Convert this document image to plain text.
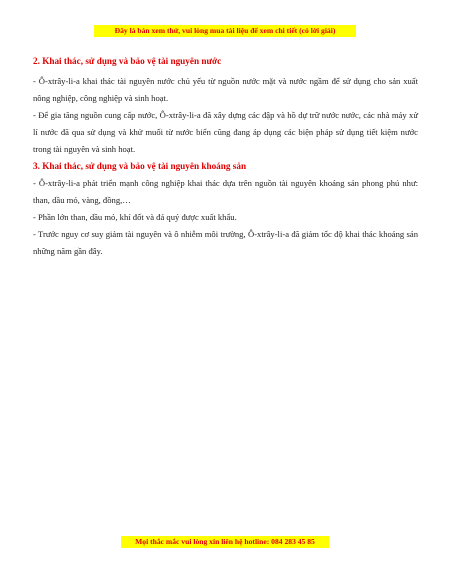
Đây là bản xem thử, vui lòng mua tài liệu để xem chi tiết (có lời giải)

2. Khai thác, sử dụng và bảo vệ tài nguyên nước

- Ô-xtrây-li-a khai thác tài nguyên nước chủ yếu từ nguồn nước mặt và nước ngầm để sử dụng cho sản xuất nông nghiệp, công nghiệp và sinh hoạt.

- Để gia tăng nguồn cung cấp nước, Ô-xtrây-li-a đã xây dựng các đập và hồ dự trữ nước nước, các nhà máy xử lí nước đã qua sử dụng và khử muối từ nước biển cũng đang áp dụng các biện pháp sử dụng tiết kiệm nước trong tài nguyên và sinh hoạt.

3. Khai thác, sử dụng và bảo vệ tài nguyên khoáng sản

- Ô-xtrây-li-a phát triển mạnh công nghiệp khai thác dựa trên nguồn tài nguyên khoáng sản phong phú như: than, dầu mỏ, vàng, đồng,…

- Phần lớn than, dầu mỏ, khí đốt và đá quý được xuất khẩu.

- Trước nguy cơ suy giảm tài nguyên và ô nhiễm môi trường, Ô-xtrây-li-a đã giảm tốc độ khai thác khoáng sản những năm gần đây.

Mọi thắc mắc vui lòng xin liên hệ hotline: 084 283 45 85
